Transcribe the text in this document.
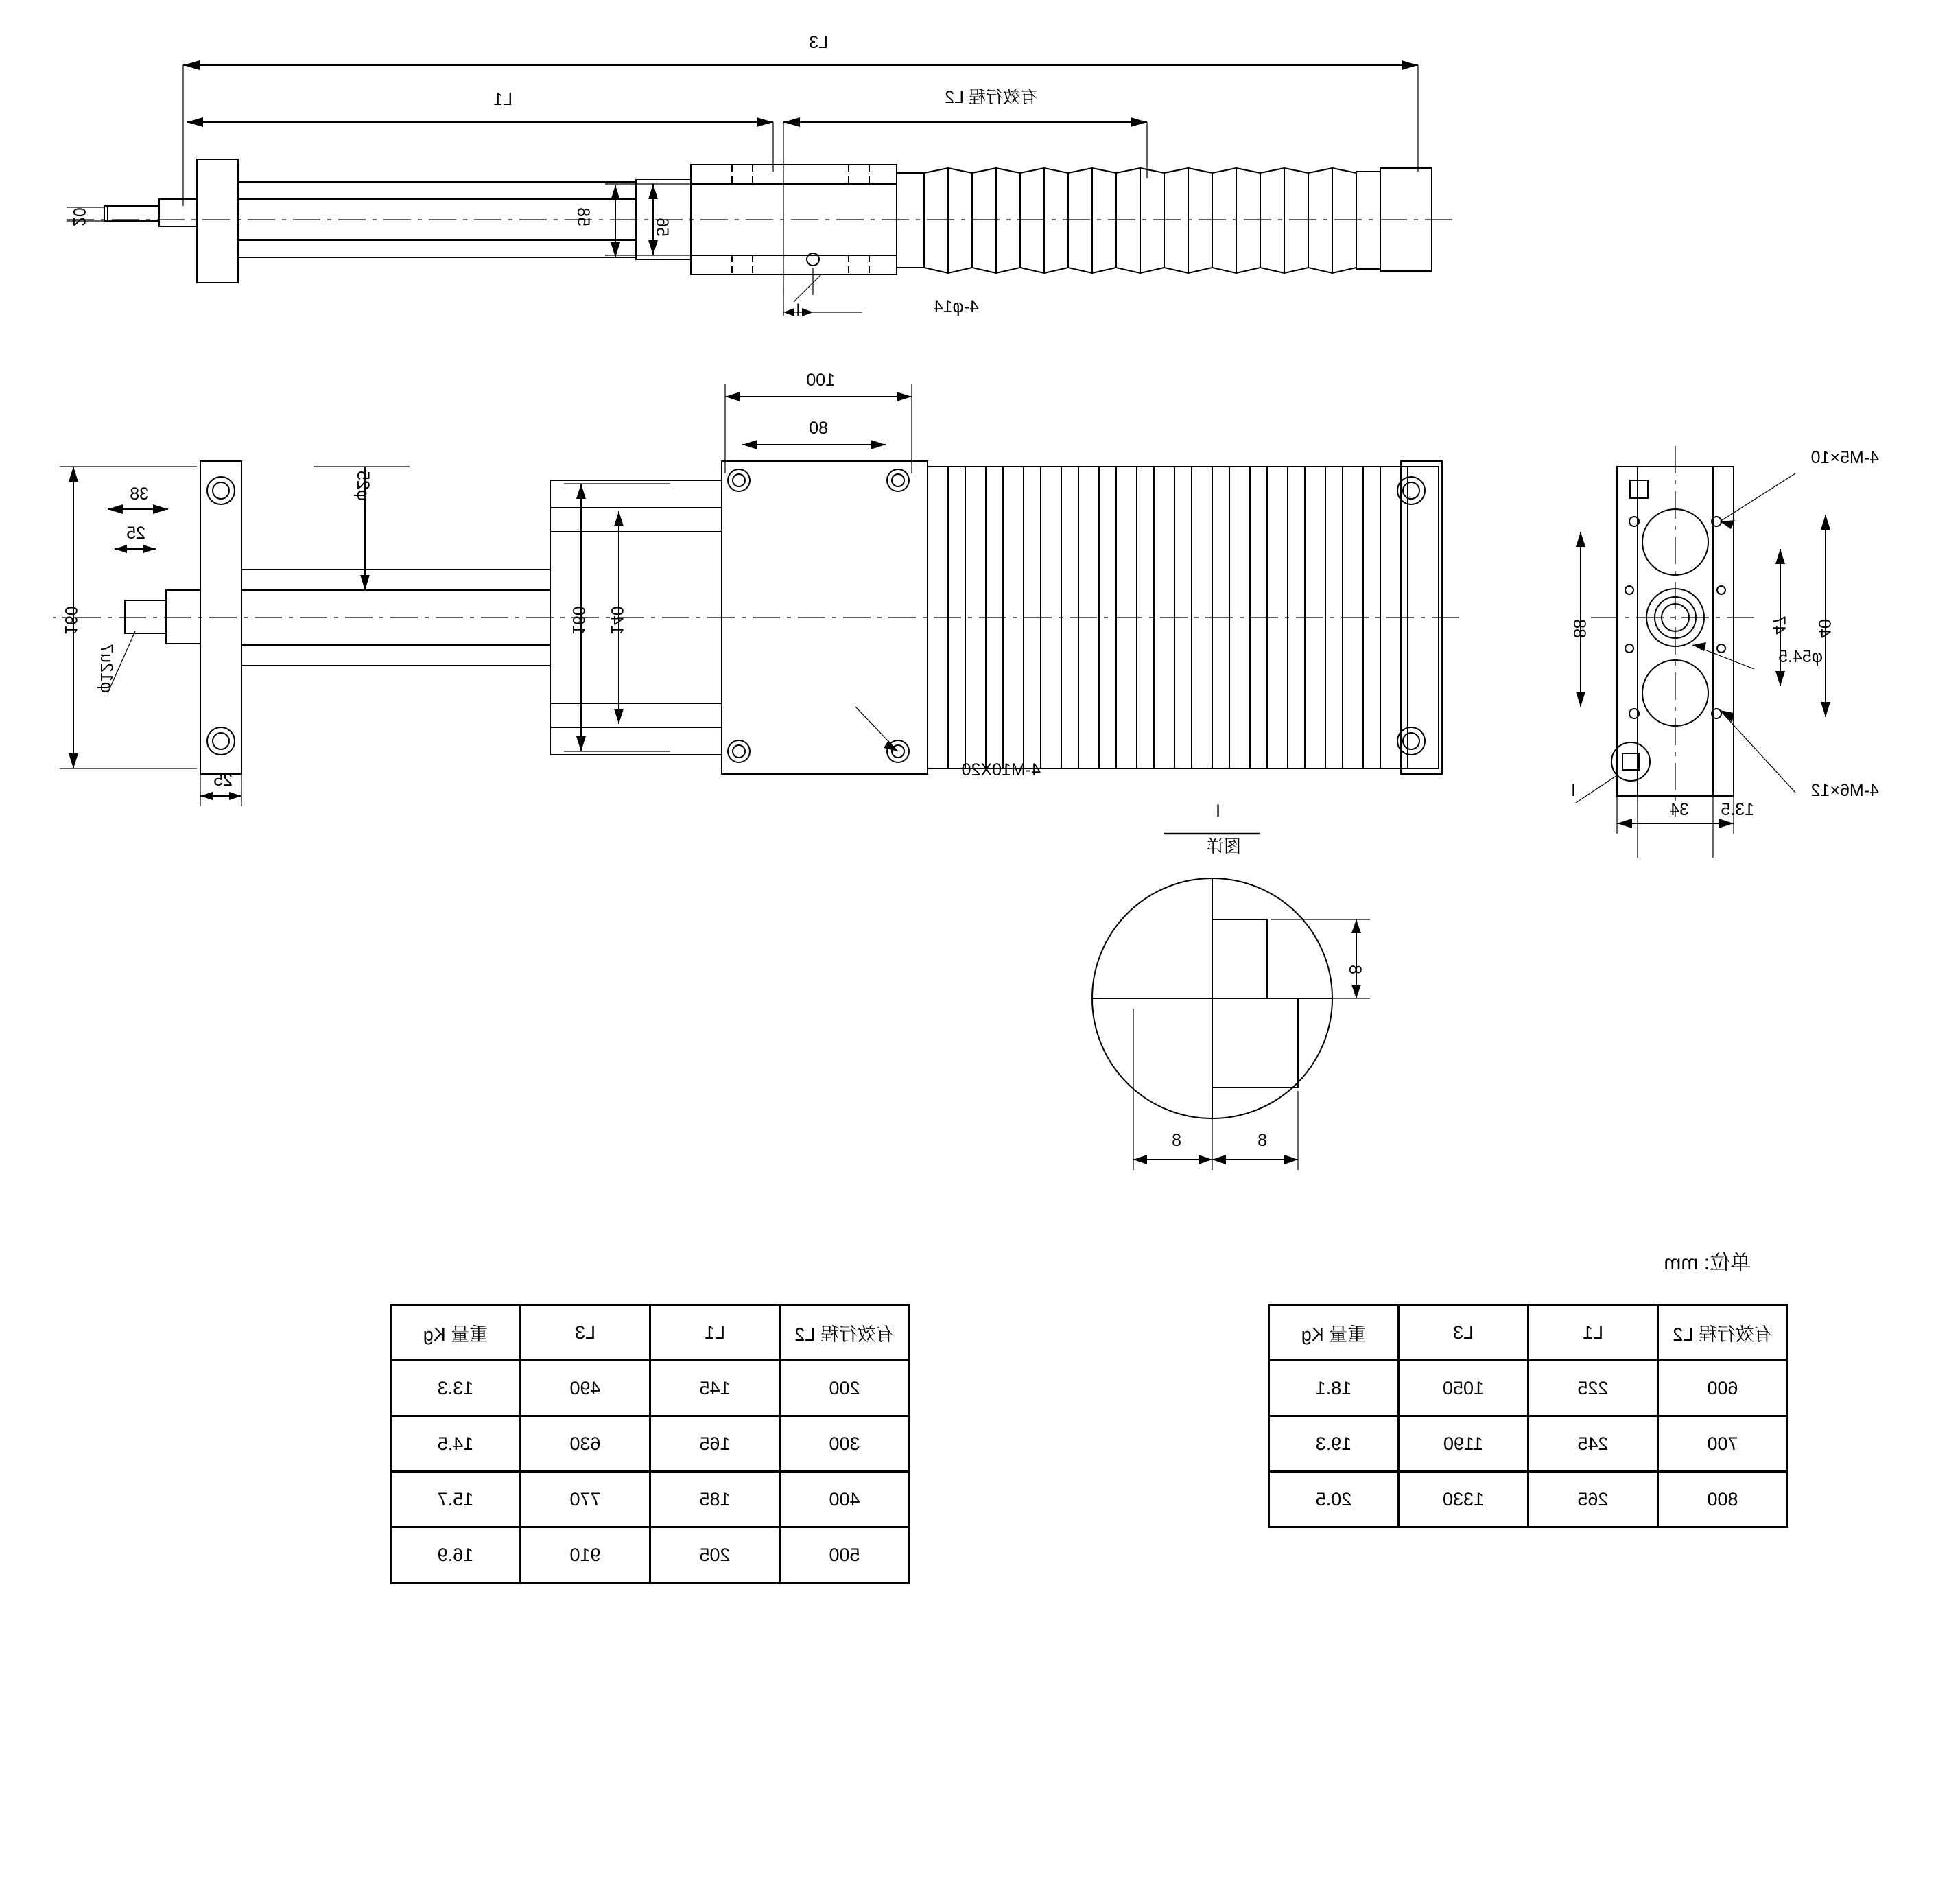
L3
有效行程 L2
L1
58
56
20
4-φ14
I
4-M5×10
4-M6×12
40
47
88
φ54.5
34 13.5
I
100
80
140
160
φ25
160
38
25
25
φ12u7
4-M10X20
I
图详
8
8
8
单位: mm
有效行程 L2	L1	L3	重量 Kg
600	225	1050	18.1
700	245	1190	19.3
800	265	1330	20.5
有效行程 L2	L1	L3	重量 Kg
200	145	490	13.3
300	165	630	14.5
400	185	770	15.7
500	205	910	16.9
